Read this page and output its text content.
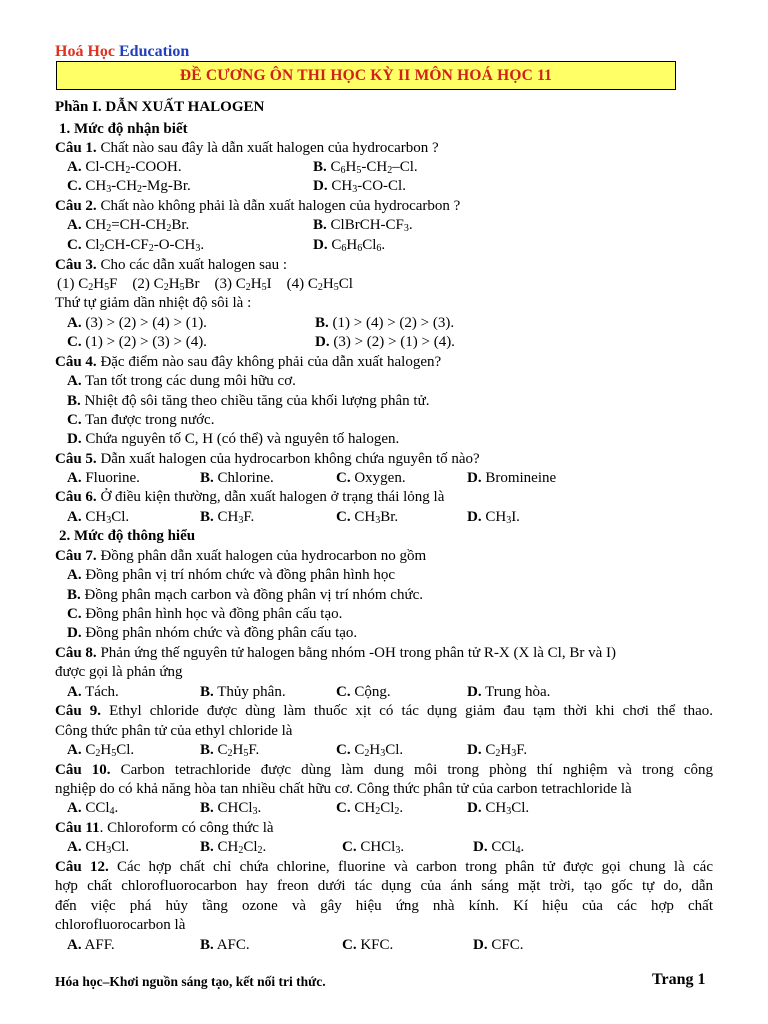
Hoá Học Education
ĐỀ CƯƠNG ÔN THI HỌC KỲ II MÔN HOÁ HỌC 11
Phần I. DẪN XUẤT HALOGEN
1. Mức độ nhận biết
Câu 1. Chất nào sau đây là dẫn xuất halogen của hydrocarbon ?
A. $Cl-CH_2$-COOH.	B. $C_6H_5-CH_2-Cl$.
C. $CH_3-CH_2-Mg-Br$.	D. $CH_3-CO-Cl$.
Câu 2. Chất nào không phải là dẫn xuất halogen của hydrocarbon ?
A. $CH_2=CH-CH_2Br$.	B. ClBrCH-$CF_3$.
C. $Cl_2CH-CF_2-O-CH_3$.	D. $C_6H_6Cl_6$.
Câu 3. Cho các dẫn xuất halogen sau :
(1) $C_2H_5F$    (2) $C_2H_5Br$    (3) $C_2H_5I$    (4) $C_2H_5Cl$
Thứ tự giảm dần nhiệt độ sôi là :
A. (3) > (2) > (4) > (1).	B. (1) > (4) > (2) > (3).
C. (1) > (2) > (3) > (4).	D. (3) > (2) > (1) > (4).
Câu 4. Đặc điểm nào sau đây không phải của dẫn xuất halogen?
A. Tan tốt trong các dung môi hữu cơ.
B. Nhiệt độ sôi tăng theo chiều tăng của khối lượng phân tử.
C. Tan được trong nước.
D. Chứa nguyên tố C, H (có thể) và nguyên tố halogen.
Câu 5. Dẫn xuất halogen của hydrocarbon không chứa nguyên tố nào?
A. Fluorine.	B. Chlorine.	C. Oxygen.	D. Bromineine
Câu 6. Ở điều kiện thường, dẫn xuất halogen ở trạng thái lỏng là
A. $CH_3Cl$.	B. $CH_3F$.	C. $CH_3Br$.	D. $CH_3I$.
2. Mức độ thông hiểu
Câu 7. Đồng phân dẫn xuất halogen của hydrocarbon no gồm
A. Đồng phân vị trí nhóm chức và đồng phân hình học
B. Đồng phân mạch carbon và đồng phân vị trí nhóm chức.
C. Đồng phân hình học và đồng phân cấu tạo.
D. Đồng phân nhóm chức và đồng phân cấu tạo.
Câu 8. Phản ứng thế nguyên tử halogen bằng nhóm -OH trong phân tử R-X (X là Cl, Br và I)
được gọi là phản ứng
A. Tách.	B. Thủy phân.	C. Cộng.	D. Trung hòa.
Câu 9. Ethyl chloride được dùng làm thuốc xịt có tác dụng giảm đau tạm thời khi chơi thể thao.
Công thức phân tử của ethyl chloride là
A. $C_2H_5Cl$.	B. $C_2H_5F$.	C. $C_2H_3Cl$.	D. $C_2H_3F$.
Câu 10. Carbon tetrachloride được dùng làm dung môi trong phòng thí nghiệm và trong công
nghiệp do có khả năng hòa tan nhiều chất hữu cơ. Công thức phân tử của carbon tetrachloride là
A. CCl$_4$.	B. CHCl$_3$.	C. $CH_2Cl_2$.	D. $CH_3Cl$.
Câu 11. Chloroform có công thức là
A. $CH_3Cl$.	B. $CH_2Cl_2$.	C. CHCl$_3$.	D. CCl$_4$.
Câu 12. Các hợp chất chỉ chứa chlorine, fluorine và carbon trong phân tử được gọi chung là các
hợp chất chlorofluorocarbon hay freon dưới tác dụng của ánh sáng mặt trời, tạo gốc tự do, dẫn
đến việc phá hủy tầng ozone và gây hiệu ứng nhà kính. Kí hiệu của các hợp chất
chlorofluorocarbon là
A. AFF.	B. AFC.	C. KFC.	D. CFC.
Hóa học–Khơi nguồn sáng tạo, kết nối tri thức.	Trang 1
